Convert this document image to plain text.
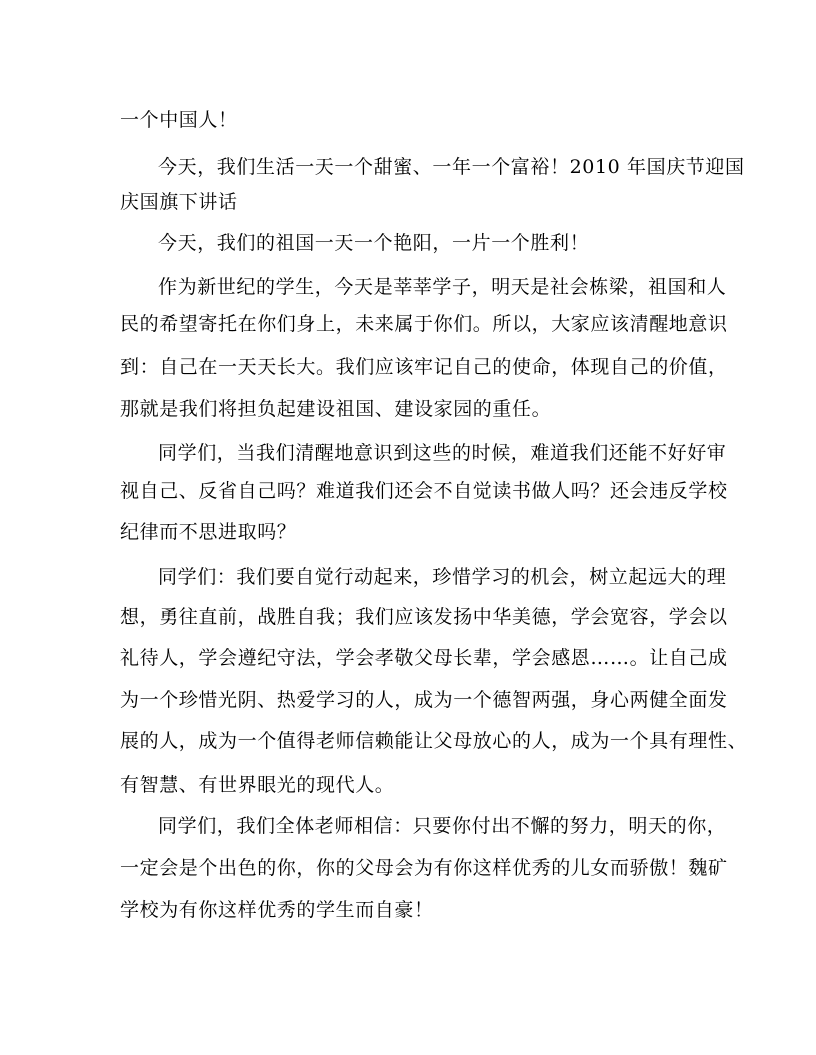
一个中国人！
今天，我们生活一天一个甜蜜、一年一个富裕！2010 年国庆节迎国
庆国旗下讲话
今天，我们的祖国一天一个艳阳，一片一个胜利！
作为新世纪的学生，今天是莘莘学子，明天是社会栋梁，祖国和人
民的希望寄托在你们身上，未来属于你们。所以，大家应该清醒地意识
到：自己在一天天长大。我们应该牢记自己的使命，体现自己的价值，
那就是我们将担负起建设祖国、建设家园的重任。
同学们，当我们清醒地意识到这些的时候，难道我们还能不好好审
视自己、反省自己吗？难道我们还会不自觉读书做人吗？还会违反学校
纪律而不思进取吗？
同学们：我们要自觉行动起来，珍惜学习的机会，树立起远大的理
想，勇往直前，战胜自我；我们应该发扬中华美德，学会宽容，学会以
礼待人，学会遵纪守法，学会孝敬父母长辈，学会感恩……。让自己成
为一个珍惜光阴、热爱学习的人，成为一个德智两强，身心两健全面发
展的人，成为一个值得老师信赖能让父母放心的人，成为一个具有理性、
有智慧、有世界眼光的现代人。
同学们，我们全体老师相信：只要你付出不懈的努力，明天的你，
一定会是个出色的你，你的父母会为有你这样优秀的儿女而骄傲！魏矿
学校为有你这样优秀的学生而自豪！
